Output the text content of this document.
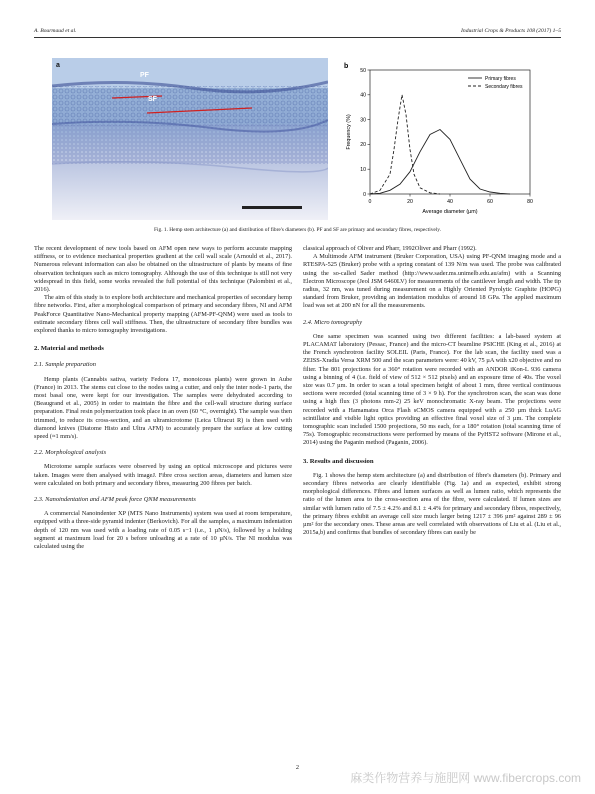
A. Bourmaud et al.	Industrial Crops & Products 108 (2017) 1–5
a
PF
SF
b
0	20	40	60	80
0
10
20
30
40
50
Average diameter (µm)
Frequency (%)
Primary fibres
Secondary fibres
Fig. 1. Hemp stem architecture (a) and distribution of fibre's diameters (b). PF and SF are primary and secondary fibres, respectively.

The recent development of new tools based on AFM open new ways to perform accurate mapping stiffness, or to evidence mechanical properties gradient at the cell wall scale (Arnould et al., 2017). Numerous relevant information can also be obtained on the ultrastructure of plants by means of fine observation techniques such as micro tomography. Although the use of this technique is still not very widespread in this field, some works revealed the full potential of this technique (Palombini et al., 2016).

The aim of this study is to explore both architecture and mechanical properties of secondary hemp fibre networks. First, after a morphological comparison of primary and secondary fibres, NI and AFM PeakForce Quantitative Nano-Mechanical property mapping (AFM-PF-QNM) were used as tools to estimate secondary fibres cell wall stiffness. Then, the ultrastructure of secondary fibre bundles was explored thanks to micro tomography investigations.

2. Material and methods
2.1. Sample preparation

Hemp plants (Cannabis sativa, variety Fedora 17, monoicous plants) were grown in Aube (France) in 2013. The stems cut close to the nodes using a cutter, and only the inter node-1 parts, the most basal one, were kept for our investigation. The samples were dehydrated according to (Beaugrand et al., 2005) in order to maintain the fibre and the cell-wall structure during surface preparation. Final resin polymerization took place in an oven (60 °C, overnight). The sample was then trimmed, to reduce its cross-section, and an ultramicrotome (Leica Ultracut R) is then used with diamond knives (Diatome Histo and Ultra AFM) to accurately prepare the surface at low cutting speed (≈1 mm/s).

2.2. Morphological analysis

Microtome sample surfaces were observed by using an optical microscope and pictures were taken. Images were then analysed with imageJ. Fibre cross section areas, diameters and lumen size were calculated on both primary and secondary fibres, measuring 200 fibres per batch.

2.3. Nanoindentation and AFM peak force QNM measurements

A commercial Nanoindenter XP (MTS Nano Instruments) system was used at room temperature, equipped with a three-side pyramid indenter (Berkovich). For all the samples, a maximum indentation depth of 120 nm was used with a loading rate of 0.05 s−1 (i.e., 1 µN/s), followed by a holding segment at maximum load for 20 s before unloading at a rate of 10 µN/s. The NI modulus was calculated using the

classical approach of Oliver and Pharr, 1992Oliver and Pharr (1992).

A Multimode AFM instrument (Bruker Corporation, USA) using PF-QNM imaging mode and a RTESPA-525 (Bruker) probe with a spring constant of 139 N/m was used. The probe was calibrated using the so-called Sader method (http://www.sader.ms.unimelb.edu.au/afm) with a Scanning Electron Microscope (Jeol JSM 6460LV) for measurements of the cantilever length and width. The tip radius, 32 nm, was tuned during measurement on a Highly Oriented Pyrolytic Graphite (HOPG) standard from Bruker, providing an indentation modulus of around 18 GPa. The applied maximum load was set at 200 nN for all the measurements.

2.4. Micro tomography

One same specimen was scanned using two different facilities: a lab-based system at PLACAMAT laboratory (Pessac, France) and the micro-CT beamline PSICHE (King et al., 2016) at the French synchrotron facility SOLEIL (Paris, France). For the lab scan, the facility used was a ZEISS-Xradia Versa XRM 500 and the scan parameters were: 40 kV, 75 µA with x20 objective and no filter. The 801 projections for a 360° rotation were recorded with an ANDOR iKon-L 936 camera using a binning of 4 (i.e. field of view of 512 × 512 pixels) and an exposure time of 40s. The voxel size was 0.7 µm. In order to scan a total specimen height of about 1 mm, three vertical continuous sections were recorded (total scanning time of 3 × 9 h). For the synchrotron scan, the scan was done using a high flux (3 photons mm-2) 25 keV monochromatic X-ray beam. The projections were recorded with a Hamamatsu Orca Flash sCMOS camera equipped with a 250 µm thick LuAG scintillator and visible light optics providing an effective final voxel size of 3 µm. The complete tomographic scan included 1500 projections, 50 ms each, for a 180° rotation (total scanning time of 75s). Tomographic reconstructions were performed by means of the PyHST2 software (Mirone et al., 2014) using the Paganin method (Paganin, 2006).

3. Results and discussion

Fig. 1 shows the hemp stem architecture (a) and distribution of fibre's diameters (b). Primary and secondary fibres networks are clearly identifiable (Fig. 1a) and as expected, exhibit strong morphological differences. Fibres and lumen surfaces as well as lumen ratio, which represents the ratio of the lumen area to the cross-section area of the fibre, were calculated. If lumen sizes are similar with lumen ratio of 7.5 ± 4.2% and 8.1 ± 4.4% for primary and secondary fibres, respectively, the primary fibres exhibit an average cell size much larger being 1217 ± 396 µm² against 289 ± 96 µm² for the secondary ones. These areas are well correlated with observations of Liu et al. (Liu et al., 2015a,b) and confirms that bundles of secondary fibres can easily be

2
麻类作物营养与施肥网 www.fibercrops.com
